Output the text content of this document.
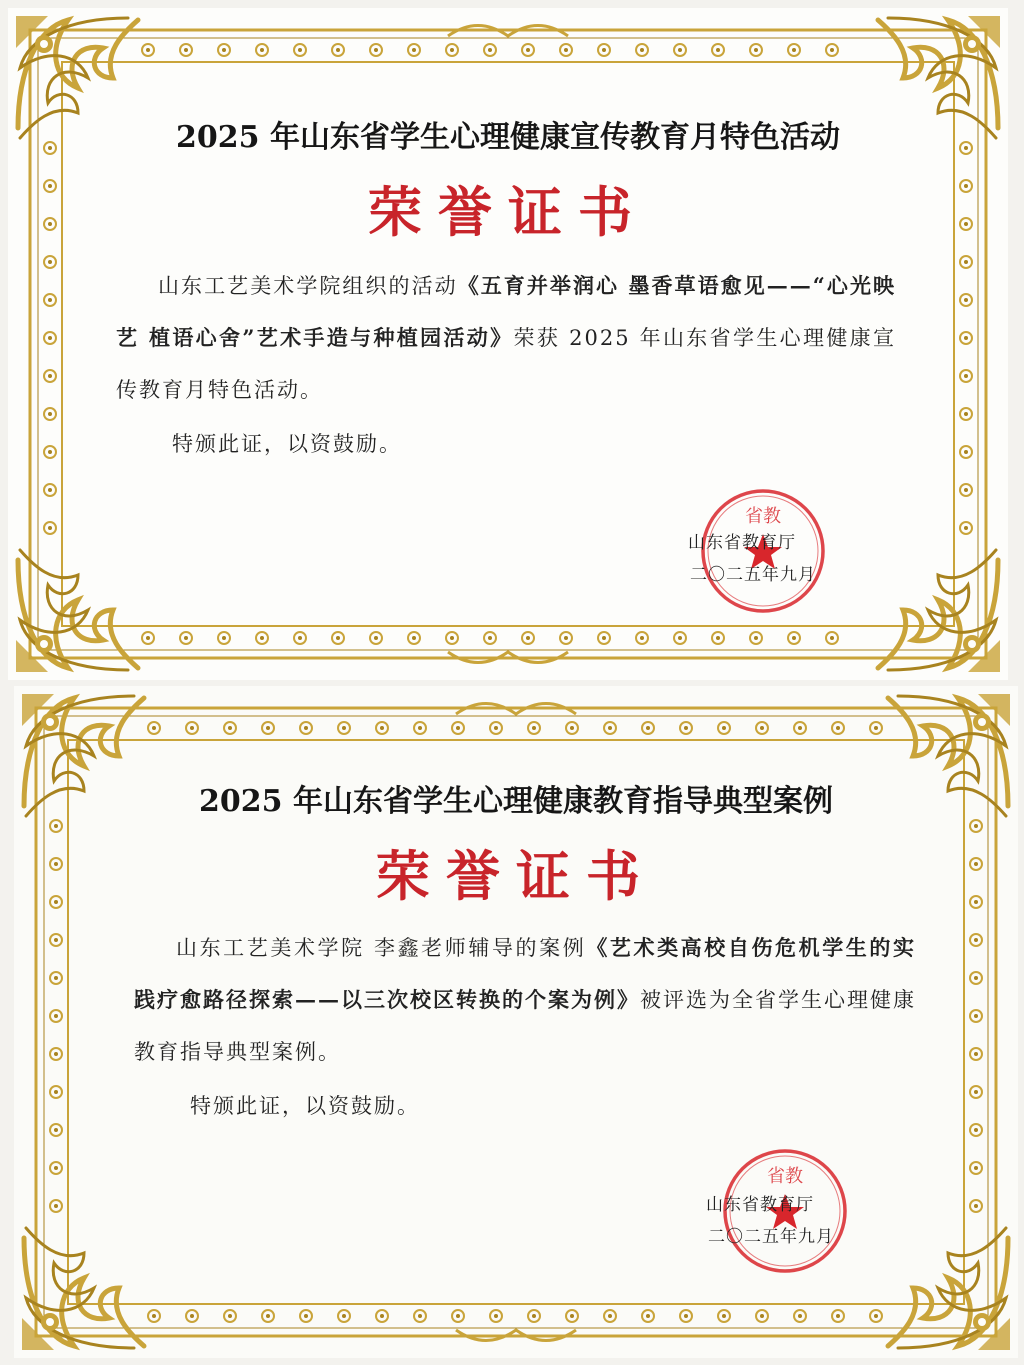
2025 年山东省学生心理健康宣传教育月特色活动
荣誉证书
山东工艺美术学院组织的活动《五育并举润心 墨香草语愈见——“心光映艺 植语心舍”艺术手造与种植园活动》荣获 2025 年山东省学生心理健康宣传教育月特色活动。
特颁此证，以资鼓励。
省教
山东省教育厅
二〇二五年九月
2025 年山东省学生心理健康教育指导典型案例
荣誉证书
山东工艺美术学院 李鑫老师辅导的案例《艺术类高校自伤危机学生的实践疗愈路径探索——以三次校区转换的个案为例》被评选为全省学生心理健康教育指导典型案例。
特颁此证，以资鼓励。
省教
山东省教育厅
二〇二五年九月
